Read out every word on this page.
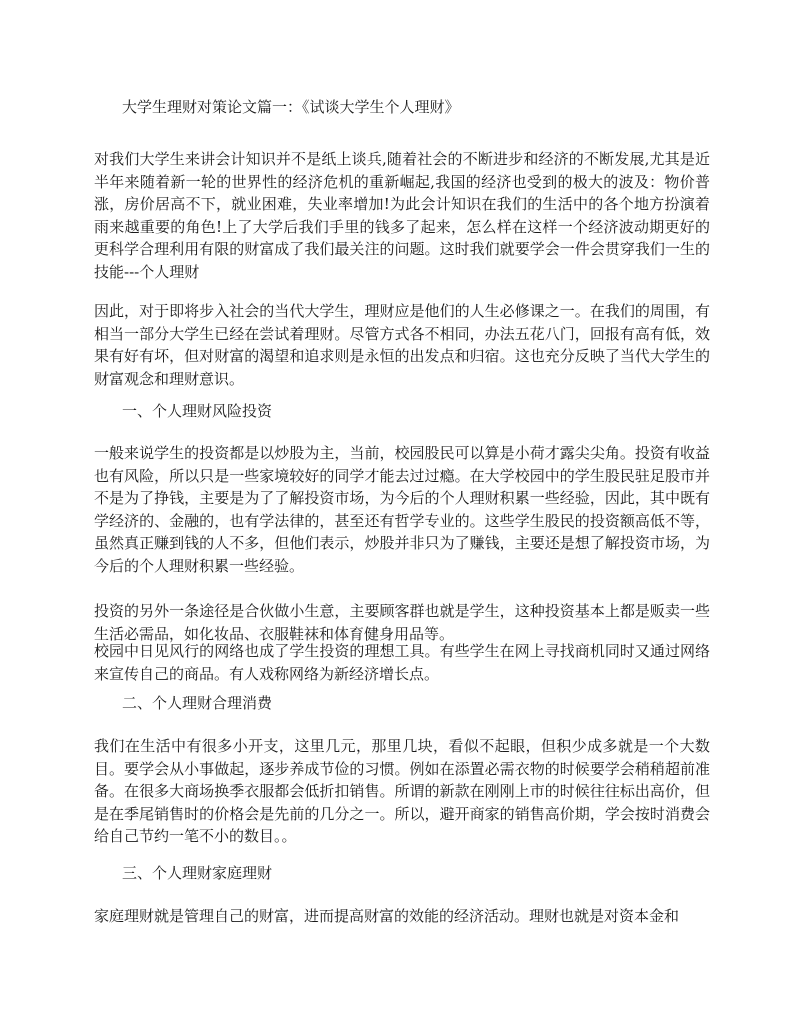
大学生理财对策论文篇一：《试谈大学生个人理财》

对我们大学生来讲会计知识并不是纸上谈兵,随着社会的不断进步和经济的不断发展,尤其是近半年来随着新一轮的世界性的经济危机的重新崛起,我国的经济也受到的极大的波及：物价普涨，房价居高不下，就业困难，失业率增加!为此会计知识在我们的生活中的各个地方扮演着雨来越重要的角色!上了大学后我们手里的钱多了起来，怎么样在这样一个经济波动期更好的更科学合理利用有限的财富成了我们最关注的问题。这时我们就要学会一件会贯穿我们一生的技能---个人理财

因此，对于即将步入社会的当代大学生，理财应是他们的人生必修课之一。在我们的周围，有相当一部分大学生已经在尝试着理财。尽管方式各不相同，办法五花八门，回报有高有低，效果有好有坏，但对财富的渴望和追求则是永恒的出发点和归宿。这也充分反映了当代大学生的财富观念和理财意识。

一、个人理财风险投资

一般来说学生的投资都是以炒股为主，当前，校园股民可以算是小荷才露尖尖角。投资有收益也有风险，所以只是一些家境较好的同学才能去过过瘾。在大学校园中的学生股民驻足股市并不是为了挣钱，主要是为了了解投资市场，为今后的个人理财积累一些经验，因此，其中既有学经济的、金融的，也有学法律的，甚至还有哲学专业的。这些学生股民的投资额高低不等，虽然真正赚到钱的人不多，但他们表示，炒股并非只为了赚钱，主要还是想了解投资市场，为今后的个人理财积累一些经验。

投资的另外一条途径是合伙做小生意，主要顾客群也就是学生，这种投资基本上都是贩卖一些生活必需品，如化妆品、衣服鞋袜和体育健身用品等。

校园中日见风行的网络也成了学生投资的理想工具。有些学生在网上寻找商机同时又通过网络来宣传自己的商品。有人戏称网络为新经济增长点。

二、个人理财合理消费

我们在生活中有很多小开支，这里几元，那里几块，看似不起眼，但积少成多就是一个大数目。要学会从小事做起，逐步养成节俭的习惯。例如在添置必需衣物的时候要学会稍稍超前准备。在很多大商场换季衣服都会低折扣销售。所谓的新款在刚刚上市的时候往往标出高价，但是在季尾销售时的价格会是先前的几分之一。所以，避开商家的销售高价期，学会按时消费会给自己节约一笔不小的数目。。

三、个人理财家庭理财

家庭理财就是管理自己的财富，进而提高财富的效能的经济活动。理财也就是对资本金和
